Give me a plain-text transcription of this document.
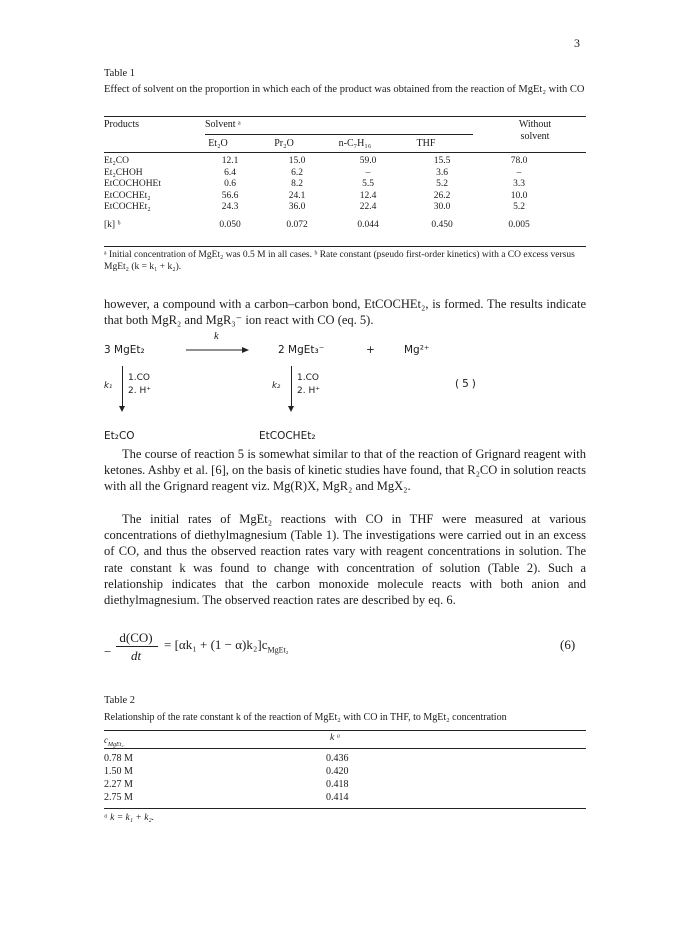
3
Table 1
Effect of solvent on the proportion in which each of the product was obtained from the reaction of MgEt₂ with CO
Products	Solvent ᵃ	Without solvent
Et₂O	Pr₂O	n-C₇H₁₆	THF
Et₂CO	12.1	15.0	59.0	15.5	78.0
Et₂CHOH	6.4	6.2	–	3.6	–
EtCOCHOHEt	0.6	8.2	5.5	5.2	3.3
EtCOCHEt₂	56.6	24.1	12.4	26.2	10.0
EtCOCHEt₂	24.3	36.0	22.4	30.0	5.2

[k] ᵇ	0.050	0.072	0.044	0.450	0.005
ᵃ Initial concentration of MgEt₂ was 0.5 M in all cases. ᵇ Rate constant (pseudo first-order kinetics) with a CO excess versus MgEt₂ (k = k₁ + k₂).
however, a compound with a carbon–carbon bond, EtCOCHEt₂, is formed. The results indicate that both MgR₂ and MgR₃⁻ ion react with CO (eq. 5).
3 MgEt₂
k
2 MgEt₃⁻	+	Mg²⁺
k₁
1.CO
2. H⁺	k₂
1.CO
2. H⁺
(5)
Et₂CO	EtCOCHEt₂
The course of reaction 5 is somewhat similar to that of the reaction of Grignard reagent with ketones. Ashby et al. [6], on the basis of kinetic studies have found, that R₂CO in solution reacts with all the Grignard reagent viz. Mg(R)X, MgR₂ and MgX₂.
The initial rates of MgEt₂ reactions with CO in THF were measured at various concentrations of diethylmagnesium (Table 1). The investigations were carried out in an excess of CO, and thus the observed reaction rates vary with reagent concentrations in solution. The rate constant k was found to change with concentration of solution (Table 2). Such a relationship indicates that the carbon monoxide molecule reacts with both anion and diethylmagnesium. The observed reaction rates are described by eq. 6.
−
d(CO)
dt
= $[\alpha k_1 + (1 - \alpha)k_2]c_{MgEt_2}$	(6)
Table 2
Relationship of the rate constant k of the reaction of MgEt₂ with CO in THF, to MgEt₂ concentration
$c_{MgEt_2}$
k ᵃ
0.78 M	0.436
1.50 M	0.420
2.27 M	0.418
2.75 M	0.414
ᵃ k = k₁ + k₂.
